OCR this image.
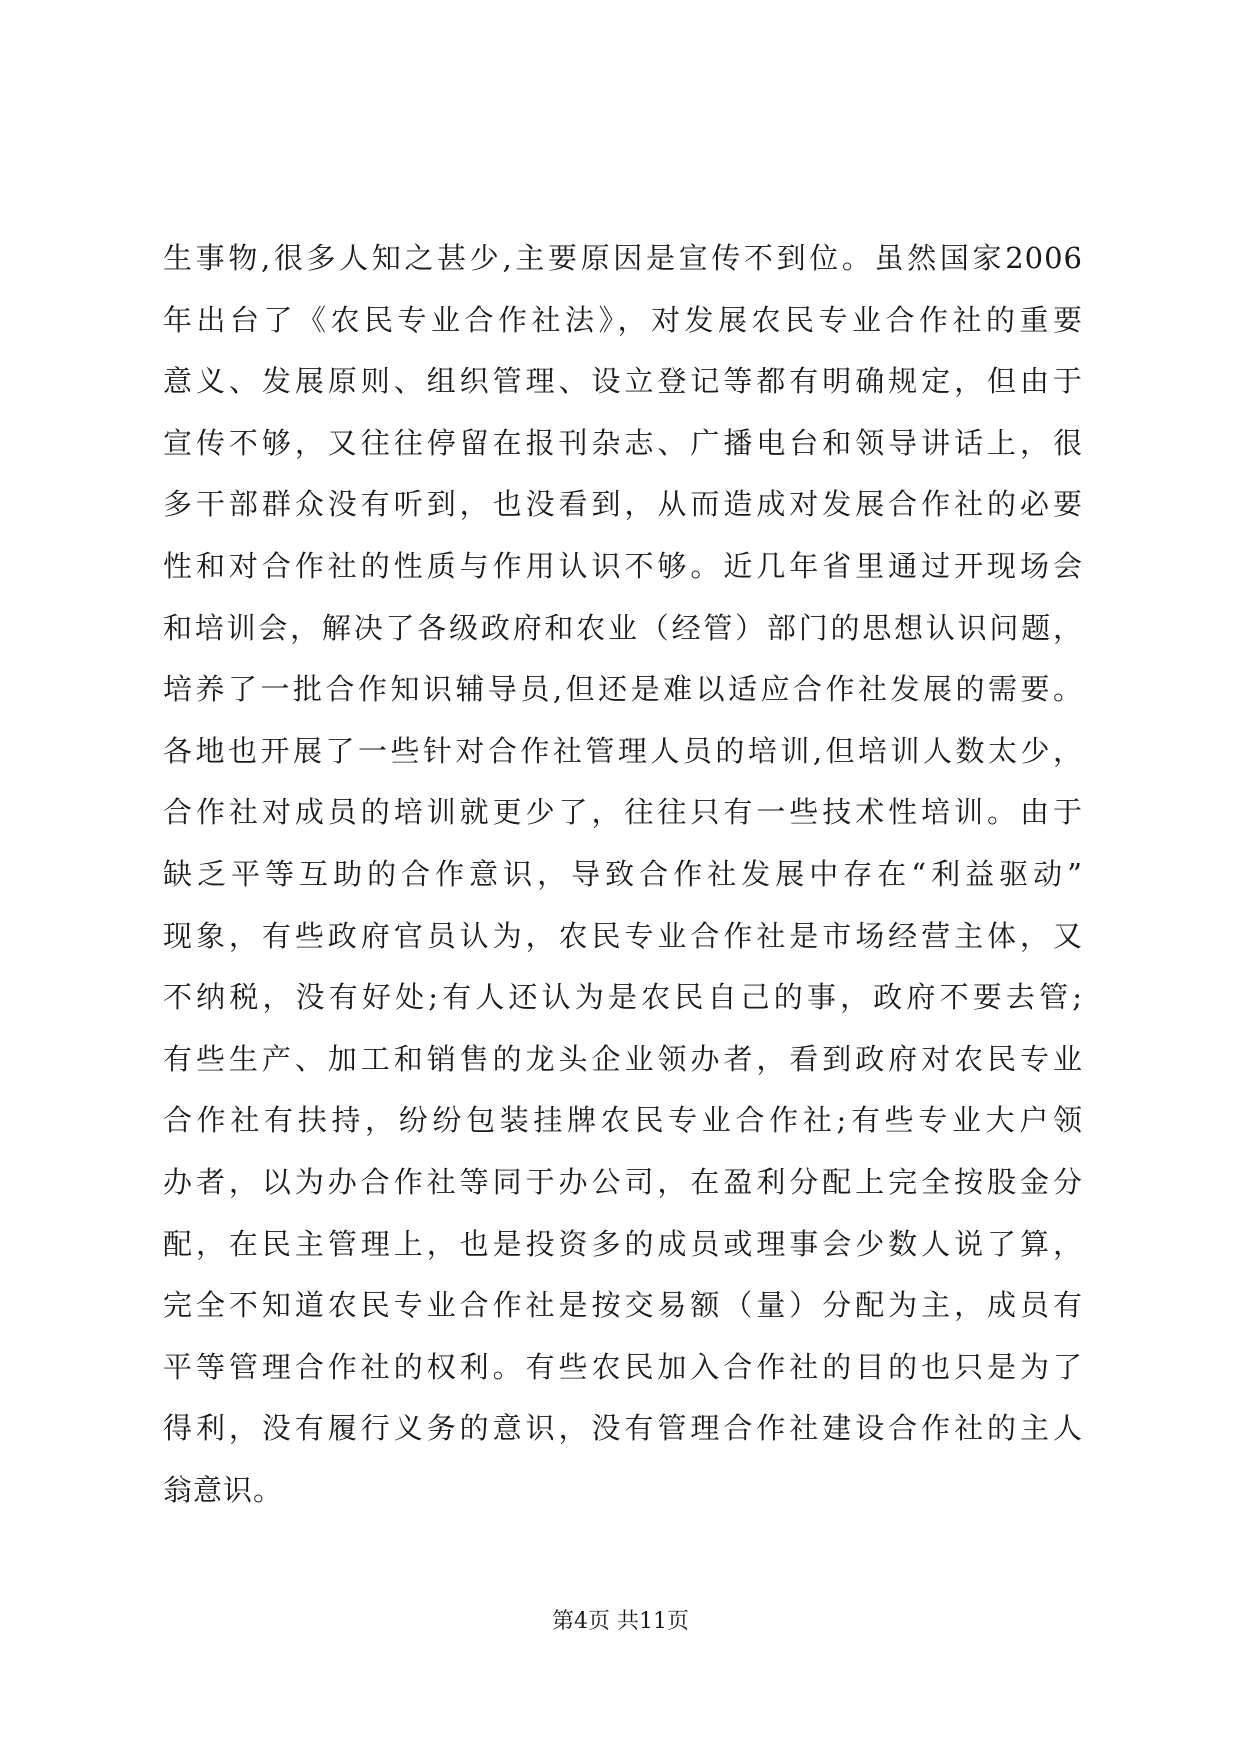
生事物,很多人知之甚少,主要原因是宣传不到位。虽然国家2006
年出台了《农民专业合作社法》，对发展农民专业合作社的重要
意义、发展原则、组织管理、设立登记等都有明确规定，但由于
宣传不够，又往往停留在报刊杂志、广播电台和领导讲话上，很
多干部群众没有听到，也没看到，从而造成对发展合作社的必要
性和对合作社的性质与作用认识不够。近几年省里通过开现场会
和培训会，解决了各级政府和农业（经管）部门的思想认识问题，
培养了一批合作知识辅导员,但还是难以适应合作社发展的需要。
各地也开展了一些针对合作社管理人员的培训,但培训人数太少，
合作社对成员的培训就更少了，往往只有一些技术性培训。由于
缺乏平等互助的合作意识，导致合作社发展中存在“利益驱动”
现象，有些政府官员认为，农民专业合作社是市场经营主体，又
不纳税，没有好处;有人还认为是农民自己的事，政府不要去管;
有些生产、加工和销售的龙头企业领办者，看到政府对农民专业
合作社有扶持，纷纷包装挂牌农民专业合作社;有些专业大户领
办者，以为办合作社等同于办公司，在盈利分配上完全按股金分
配，在民主管理上，也是投资多的成员或理事会少数人说了算，
完全不知道农民专业合作社是按交易额（量）分配为主，成员有
平等管理合作社的权利。有些农民加入合作社的目的也只是为了
得利，没有履行义务的意识，没有管理合作社建设合作社的主人
翁意识。
第4页 共11页
